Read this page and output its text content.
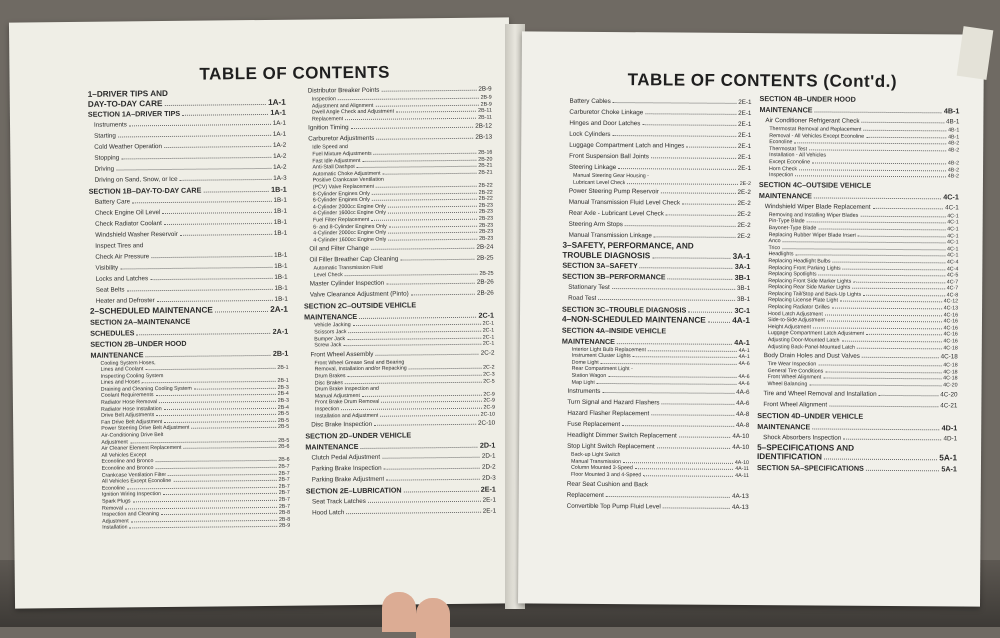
TABLE OF CONTENTS
1–DRIVER TIPS AND
DAY-TO-DAY CARE	1A-1
SECTION 1A–DRIVER TIPS	1A-1
Instruments	1A-1
Starting	1A-1
Cold Weather Operation	1A-2
Stopping	1A-2
Driving	1A-2
Driving on Sand, Snow, or Ice	1A-3
SECTION 1B–DAY-TO-DAY CARE	1B-1
Battery Care	1B-1
Check Engine Oil Level	1B-1
Check Radiator Coolant	1B-1
Windshield Washer Reservoir	1B-1
Inspect Tires and
Check Air Pressure	1B-1
Visibility	1B-1
Locks and Latches	1B-1
Seat Belts	1B-1
Heater and Defroster	1B-1
2–SCHEDULED MAINTENANCE	2A-1
SECTION 2A–MAINTENANCE
SCHEDULES	2A-1
SECTION 2B–UNDER HOOD
MAINTENANCE	2B-1
Cooling System Hoses,
Lines and Coolant	2B-1
Inspecting Cooling System
Lines and Hoses	2B-1
Draining and Cleaning Cooling System	2B-3
Coolant Requirements	2B-4
Radiator Hose Removal	2B-3
Radiator Hose Installation	2B-4
Drive Belt Adjustments	2B-5
Fan Drive Belt Adjustment	2B-5
Power Steering Drive Belt Adjustment	2B-5
Air-Conditioning Drive Belt
Adjustment	2B-5
Air Cleaner Element Replacement	2B-6
All Vehicles Except
Econoline and Bronco	2B-6
Econoline and Bronco	2B-7
Crankcase Ventilation Filter	2B-7
All Vehicles Except Econoline	2B-7
Econoline	2B-7
Ignition Wiring Inspection	2B-7
Spark Plugs	2B-7
Removal	2B-7
Inspection and Cleaning	2B-8
Adjustment	2B-8
Installation	2B-9
Distributor Breaker Points	2B-9
Inspection	2B-9
Adjustment and Alignment	2B-9
Dwell Angle Check and Adjustment	2B-11
Replacement	2B-11
Ignition Timing	2B-12
Carburetor Adjustments	2B-13
Idle Speed and
Fuel Mixture Adjustments	2B-16
Fast Idle Adjustment	2B-20
Anti-Stall Dashpot	2B-21
Automatic Choke Adjustment	2B-21
Positive Crankcase Ventilation
(PCV) Valve Replacement	2B-22
8-Cylinder Engines Only	2B-22
6-Cylinder Engines Only	2B-22
4-Cylinder 2000cc Engine Only	2B-23
4-Cylinder 1600cc Engine Only	2B-23
Fuel Filter Replacement	2B-23
6- and 8-Cylinder Engines Only	2B-23
4-Cylinder 2000cc Engine Only	2B-23
4-Cylinder 1600cc Engine Only	2B-23
Oil and Filter Change	2B-24
Oil Filler Breather Cap Cleaning	2B-25
Automatic Transmission Fluid
Level Check	2B-25
Master Cylinder Inspection	2B-26
Valve Clearance Adjustment (Pinto)	2B-26
SECTION 2C–OUTSIDE VEHICLE
MAINTENANCE	2C-1
Vehicle Jacking	2C-1
Scissors Jack	2C-1
Bumper Jack	2C-1
Screw Jack	2C-1
Front Wheel Assembly	2C-2
Front Wheel Grease Seal and Bearing
Removal, Installation and/or Repacking	2C-2
Drum Brakes	2C-3
Disc Brakes	2C-5
Drum Brake Inspection and
Manual Adjustment	2C-9
Front Brake Drum Removal	2C-9
Inspection	2C-9
Installation and Adjustment	2C-10
Disc Brake Inspection	2C-10
SECTION 2D–UNDER VEHICLE
MAINTENANCE	2D-1
Clutch Pedal Adjustment	2D-1
Parking Brake Inspection	2D-2
Parking Brake Adjustment	2D-3
SECTION 2E–LUBRICATION	2E-1
Seat Track Latches	2E-1
Hood Latch	2E-1
TABLE OF CONTENTS (Cont'd.)
Battery Cables	2E-1
Carburetor Choke Linkage	2E-1
Hinges and Door Latches	2E-1
Lock Cylinders	2E-1
Luggage Compartment Latch and Hinges	2E-1
Front Suspension Ball Joints	2E-1
Steering Linkage	2E-1
Manual Steering Gear Housing -
Lubricant Level Check	2E-2
Power Steering Pump Reservoir	2E-2
Manual Transmission Fluid Level Check	2E-2
Rear Axle - Lubricant Level Check	2E-2
Steering Arm Stops	2E-2
Manual Transmission Linkage	2E-2
3–SAFETY, PERFORMANCE, AND
TROUBLE DIAGNOSIS	3A-1
SECTION 3A–SAFETY	3A-1
SECTION 3B–PERFORMANCE	3B-1
Stationary Test	3B-1
Road Test	3B-1
SECTION 3C–TROUBLE DIAGNOSIS	3C-1
4–NON-SCHEDULED MAINTENANCE	4A-1
SECTION 4A–INSIDE VEHICLE
MAINTENANCE	4A-1
Interior Light Bulb Replacement	4A-1
Instrument Cluster Lights	4A-1
Dome Light	4A-6
Rear Compartment Light -
Station Wagon	4A-6
Map Light	4A-6
Instruments	4A-6
Turn Signal and Hazard Flashers	4A-6
Hazard Flasher Replacement	4A-8
Fuse Replacement	4A-8
Headlight Dimmer Switch Replacement	4A-10
Stop Light Switch Replacement	4A-10
Back-up Light Switch
Manual Transmission	4A-10
Column Mounted 3-Speed	4A-11
Floor Mounted 3 and 4-Speed	4A-11
Rear Seat Cushion and Back
Replacement	4A-13
Convertible Top Pump Fluid Level	4A-13
SECTION 4B–UNDER HOOD
MAINTENANCE	4B-1
Air Conditioner Refrigerant Check	4B-1
Thermostat Removal and Replacement	4B-1
Removal - All Vehicles Except Econoline	4B-1
Econoline	4B-2
Thermostat Test	4B-2
Installation - All Vehicles
Except Econoline	4B-2
Horn Check	4B-2
Inspection	4B-2
SECTION 4C–OUTSIDE VEHICLE
MAINTENANCE	4C-1
Windshield Wiper Blade Replacement	4C-1
Removing and Installing Wiper Blades	4C-1
Pin-Type Blade	4C-1
Bayonet-Type Blade	4C-1
Replacing Rubber Wiper Blade Insert	4C-1
Anco	4C-1
Trico	4C-1
Headlights	4C-1
Replacing Headlight Bulbs	4C-4
Replacing Front Parking Lights	4C-4
Replacing Spotlights	4C-5
Replacing Front Side Marker Lights	4C-7
Replacing Rear Side Marker Lights	4C-7
Replacing Tail/Stop and Back-Up Lights	4C-8
Replacing License Plate Light	4C-12
Replacing Radiator Grilles	4C-13
Hood Latch Adjustment	4C-16
Side-to-Side Adjustment	4C-16
Height Adjustment	4C-16
Luggage Compartment Latch Adjustment	4C-16
Adjusting Door-Mounted Latch	4C-16
Adjusting Back-Panel-Mounted Latch	4C-18
Body Drain Holes and Dust Valves	4C-18
Tire Wear Inspection	4C-18
General Tire Conditions	4C-18
Front Wheel Alignment	4C-18
Wheel Balancing	4C-20
Tire and Wheel Removal and Installation	4C-20
Front Wheel Alignment	4C-21
SECTION 4D–UNDER VEHICLE
MAINTENANCE	4D-1
Shock Absorbers Inspection	4D-1
5–SPECIFICATIONS AND
IDENTIFICATION	5A-1
SECTION 5A–SPECIFICATIONS	5A-1
